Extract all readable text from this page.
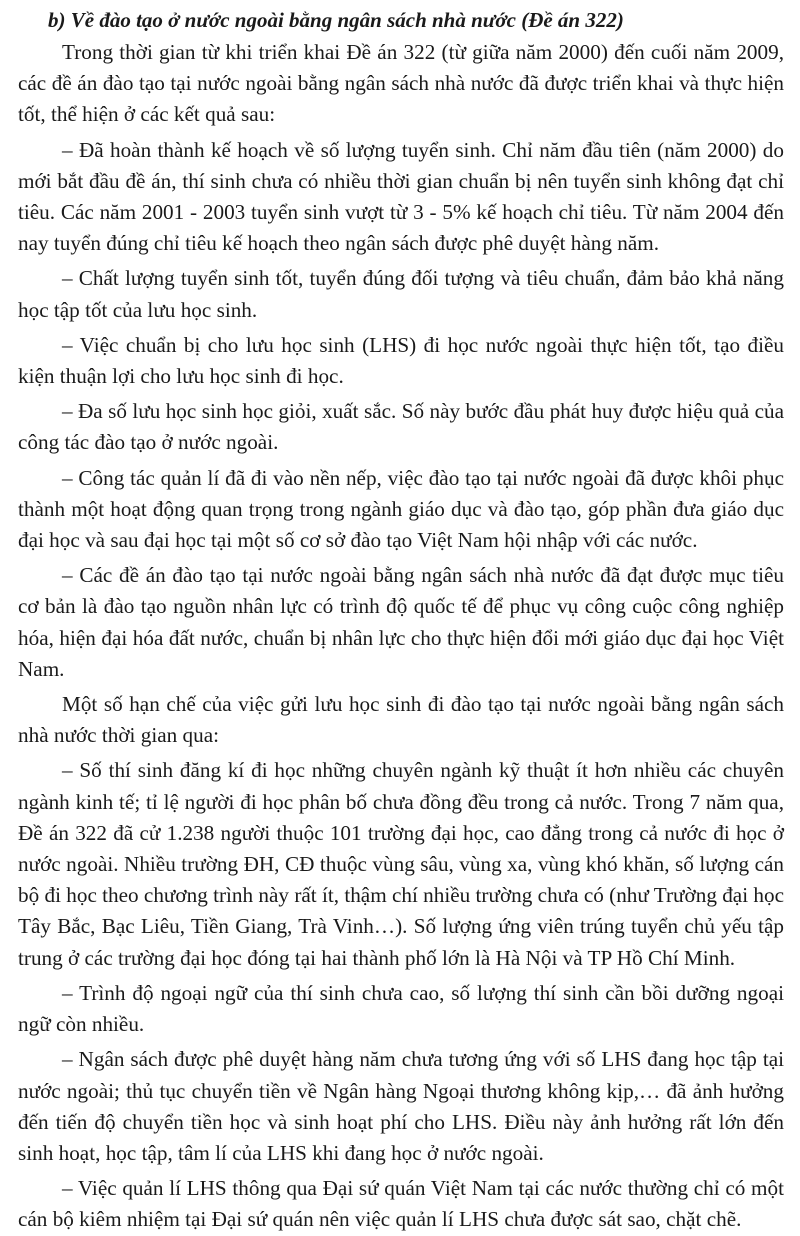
b) Về đào tạo ở nước ngoài bằng ngân sách nhà nước (Đề án 322)

Trong thời gian từ khi triển khai Đề án 322 (từ giữa năm 2000) đến cuối năm 2009, các đề án đào tạo tại nước ngoài bằng ngân sách nhà nước đã được triển khai và thực hiện tốt, thể hiện ở các kết quả sau:

– Đã hoàn thành kế hoạch về số lượng tuyển sinh. Chỉ năm đầu tiên (năm 2000) do mới bắt đầu đề án, thí sinh chưa có nhiều thời gian chuẩn bị nên tuyển sinh không đạt chỉ tiêu. Các năm 2001 - 2003 tuyển sinh vượt từ 3 - 5% kế hoạch chỉ tiêu. Từ năm 2004 đến nay tuyển đúng chỉ tiêu kế hoạch theo ngân sách được phê duyệt hàng năm.

– Chất lượng tuyển sinh tốt, tuyển đúng đối tượng và tiêu chuẩn, đảm bảo khả năng học tập tốt của lưu học sinh.

– Việc chuẩn bị cho lưu học sinh (LHS) đi học nước ngoài thực hiện tốt, tạo điều kiện thuận lợi cho lưu học sinh đi học.

– Đa số lưu học sinh học giỏi, xuất sắc. Số này bước đầu phát huy được hiệu quả của công tác đào tạo ở nước ngoài.

– Công tác quản lí đã đi vào nền nếp, việc đào tạo tại nước ngoài đã được khôi phục thành một hoạt động quan trọng trong ngành giáo dục và đào tạo, góp phần đưa giáo dục đại học và sau đại học tại một số cơ sở đào tạo Việt Nam hội nhập với các nước.

– Các đề án đào tạo tại nước ngoài bằng ngân sách nhà nước đã đạt được mục tiêu cơ bản là đào tạo nguồn nhân lực có trình độ quốc tế để phục vụ công cuộc công nghiệp hóa, hiện đại hóa đất nước, chuẩn bị nhân lực cho thực hiện đổi mới giáo dục đại học Việt Nam.

Một số hạn chế của việc gửi lưu học sinh đi đào tạo tại nước ngoài bằng ngân sách nhà nước thời gian qua:

– Số thí sinh đăng kí đi học những chuyên ngành kỹ thuật ít hơn nhiều các chuyên ngành kinh tế; tỉ lệ người đi học phân bố chưa đồng đều trong cả nước. Trong 7 năm qua, Đề án 322 đã cử 1.238 người thuộc 101 trường đại học, cao đẳng trong cả nước đi học ở nước ngoài. Nhiều trường ĐH, CĐ thuộc vùng sâu, vùng xa, vùng khó khăn, số lượng cán bộ đi học theo chương trình này rất ít, thậm chí nhiều trường chưa có (như Trường đại học Tây Bắc, Bạc Liêu, Tiền Giang, Trà Vinh…). Số lượng ứng viên trúng tuyển chủ yếu tập trung ở các trường đại học đóng tại hai thành phố lớn là Hà Nội và TP Hồ Chí Minh.

– Trình độ ngoại ngữ của thí sinh chưa cao, số lượng thí sinh cần bồi dưỡng ngoại ngữ còn nhiều.

– Ngân sách được phê duyệt hàng năm chưa tương ứng với số LHS đang học tập tại nước ngoài; thủ tục chuyển tiền về Ngân hàng Ngoại thương không kịp,… đã ảnh hưởng đến tiến độ chuyển tiền học và sinh hoạt phí cho LHS. Điều này ảnh hưởng rất lớn đến sinh hoạt, học tập, tâm lí của LHS khi đang học ở nước ngoài.

– Việc quản lí LHS thông qua Đại sứ quán Việt Nam tại các nước thường chỉ có một cán bộ kiêm nhiệm tại Đại sứ quán nên việc quản lí LHS chưa được sát sao, chặt chẽ.
